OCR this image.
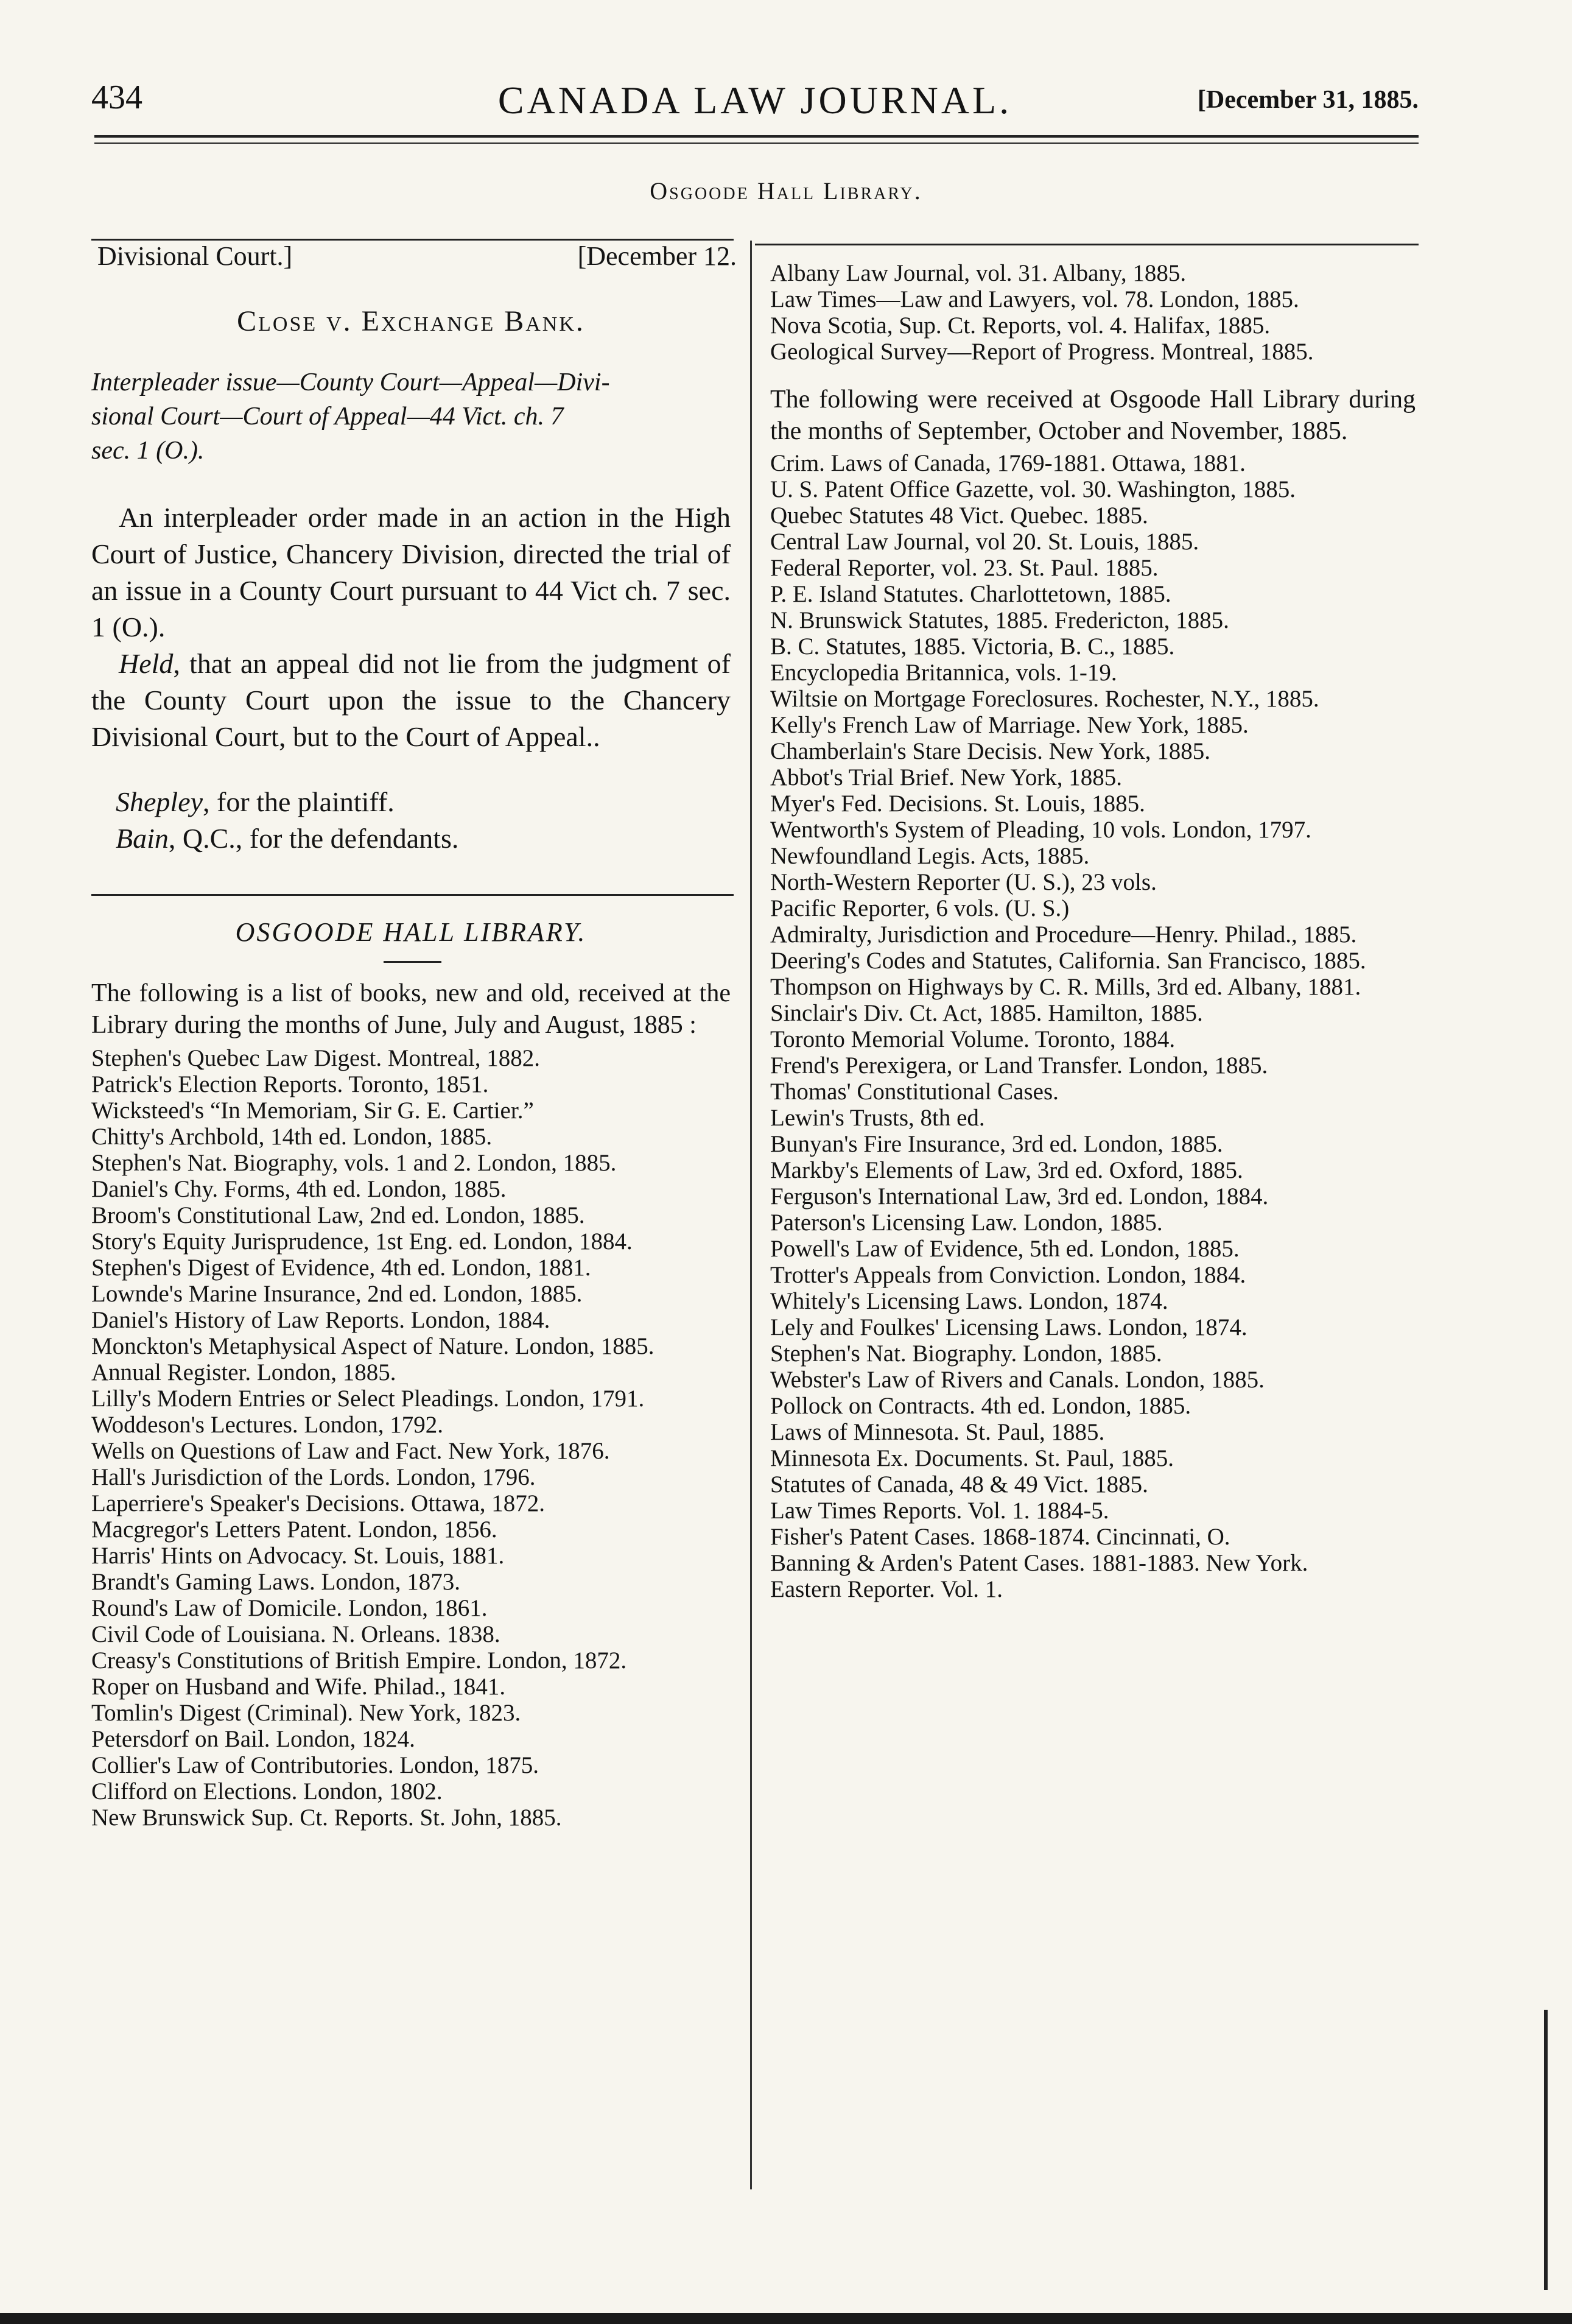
434	CANADA LAW JOURNAL.	[December 31, 1885.
Osgoode Hall Library.
Divisional Court.]	[December 12.
Close v. Exchange Bank.
Interpleader issue—County Court—Appeal—Divi-
sional Court—Court of Appeal—44 Vict. ch. 7
sec. 1 (O.).
An interpleader order made in an action in the High Court of Justice, Chancery Division, directed the trial of an issue in a County Court pursuant to 44 Vict ch. 7 sec. 1 (O.).
Held, that an appeal did not lie from the judgment of the County Court upon the issue to the Chancery Divisional Court, but to the Court of Appeal..
Shepley, for the plaintiff.
Bain, Q.C., for the defendants.
OSGOODE HALL LIBRARY.

The following is a list of books, new and old, received at the Library during the months of June, July and August, 1885 :

Stephen's Quebec Law Digest. Montreal, 1882.

Patrick's Election Reports. Toronto, 1851.

Wicksteed's “In Memoriam, Sir G. E. Cartier.”

Chitty's Archbold, 14th ed. London, 1885.

Stephen's Nat. Biography, vols. 1 and 2. London, 1885.

Daniel's Chy. Forms, 4th ed. London, 1885.

Broom's Constitutional Law, 2nd ed. London, 1885.

Story's Equity Jurisprudence, 1st Eng. ed. London, 1884.

Stephen's Digest of Evidence, 4th ed. London, 1881.

Lownde's Marine Insurance, 2nd ed. London, 1885.

Daniel's History of Law Reports. London, 1884.

Monckton's Metaphysical Aspect of Nature. London, 1885.

Annual Register. London, 1885.

Lilly's Modern Entries or Select Pleadings. London, 1791.

Woddeson's Lectures. London, 1792.

Wells on Questions of Law and Fact. New York, 1876.

Hall's Jurisdiction of the Lords. London, 1796.

Laperriere's Speaker's Decisions. Ottawa, 1872.

Macgregor's Letters Patent. London, 1856.

Harris' Hints on Advocacy. St. Louis, 1881.

Brandt's Gaming Laws. London, 1873.

Round's Law of Domicile. London, 1861.

Civil Code of Louisiana. N. Orleans. 1838.

Creasy's Constitutions of British Empire. London, 1872.

Roper on Husband and Wife. Philad., 1841.

Tomlin's Digest (Criminal). New York, 1823.

Petersdorf on Bail. London, 1824.

Collier's Law of Contributories. London, 1875.

Clifford on Elections. London, 1802.

New Brunswick Sup. Ct. Reports. St. John, 1885.

Albany Law Journal, vol. 31. Albany, 1885.

Law Times—Law and Lawyers, vol. 78. London, 1885.

Nova Scotia, Sup. Ct. Reports, vol. 4. Halifax, 1885.

Geological Survey—Report of Progress. Montreal, 1885.

The following were received at Osgoode Hall Library during the months of September, October and November, 1885.

Crim. Laws of Canada, 1769-1881. Ottawa, 1881.

U. S. Patent Office Gazette, vol. 30. Washington, 1885.

Quebec Statutes 48 Vict. Quebec. 1885.

Central Law Journal, vol 20. St. Louis, 1885.

Federal Reporter, vol. 23. St. Paul. 1885.

P. E. Island Statutes. Charlottetown, 1885.

N. Brunswick Statutes, 1885. Fredericton, 1885.

B. C. Statutes, 1885. Victoria, B. C., 1885.

Encyclopedia Britannica, vols. 1-19.

Wiltsie on Mortgage Foreclosures. Rochester, N.Y., 1885.

Kelly's French Law of Marriage. New York, 1885.

Chamberlain's Stare Decisis. New York, 1885.

Abbot's Trial Brief. New York, 1885.

Myer's Fed. Decisions. St. Louis, 1885.

Wentworth's System of Pleading, 10 vols. London, 1797.

Newfoundland Legis. Acts, 1885.

North-Western Reporter (U. S.), 23 vols.

Pacific Reporter, 6 vols. (U. S.)

Admiralty, Jurisdiction and Procedure—Henry. Philad., 1885.

Deering's Codes and Statutes, California. San Francisco, 1885.

Thompson on Highways by C. R. Mills, 3rd ed. Albany, 1881.

Sinclair's Div. Ct. Act, 1885. Hamilton, 1885.

Toronto Memorial Volume. Toronto, 1884.

Frend's Perexigera, or Land Transfer. London, 1885.

Thomas' Constitutional Cases.

Lewin's Trusts, 8th ed.

Bunyan's Fire Insurance, 3rd ed. London, 1885.

Markby's Elements of Law, 3rd ed. Oxford, 1885.

Ferguson's International Law, 3rd ed. London, 1884.

Paterson's Licensing Law. London, 1885.

Powell's Law of Evidence, 5th ed. London, 1885.

Trotter's Appeals from Conviction. London, 1884.

Whitely's Licensing Laws. London, 1874.

Lely and Foulkes' Licensing Laws. London, 1874.

Stephen's Nat. Biography. London, 1885.

Webster's Law of Rivers and Canals. London, 1885.

Pollock on Contracts. 4th ed. London, 1885.

Laws of Minnesota. St. Paul, 1885.

Minnesota Ex. Documents. St. Paul, 1885.

Statutes of Canada, 48 & 49 Vict. 1885.

Law Times Reports. Vol. 1. 1884-5.

Fisher's Patent Cases. 1868-1874. Cincinnati, O.

Banning & Arden's Patent Cases. 1881-1883. New York.

Eastern Reporter. Vol. 1.
